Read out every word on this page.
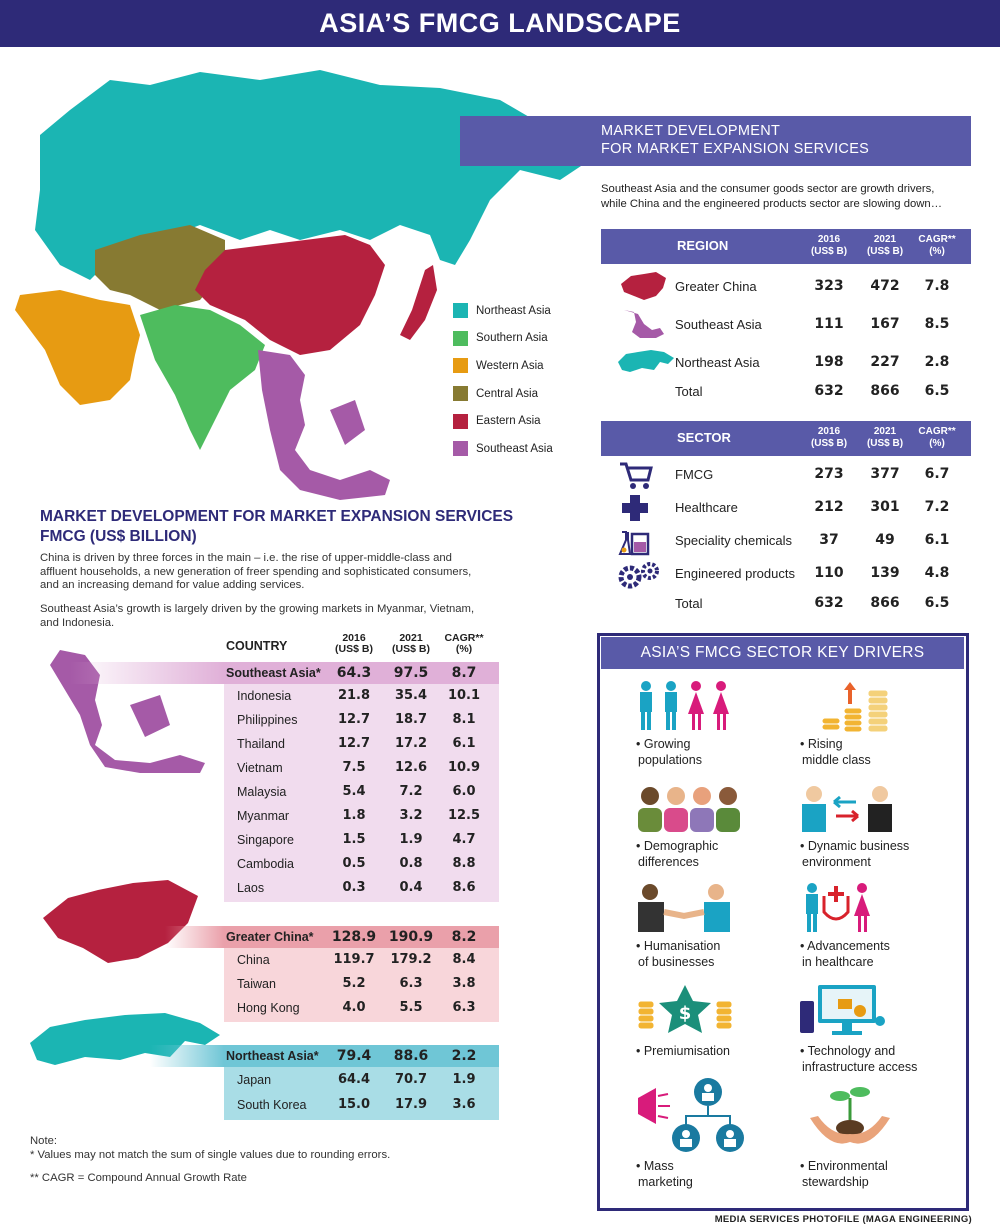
ASIA’S FMCG LANDSCAPE
Northeast Asia
Southern Asia
Western Asia
Central Asia
Eastern Asia
Southeast Asia
MARKET DEVELOPMENT
FOR MARKET EXPANSION SERVICES
Southeast Asia and the consumer goods sector are growth drivers,
while China and the engineered products sector are slowing down…
REGION	2016
(US$ B)
2021
(US$ B)
CAGR**
(%)
Greater China	323	472	7.8
Southeast Asia	111	167	8.5
Northeast Asia	198	227	2.8
Total	632	866	6.5
SECTOR	2016
(US$ B)
2021
(US$ B)
CAGR**
(%)
FMCG	273	377	6.7
Healthcare	212	301	7.2
Speciality chemicals	37	49	6.1
Engineered products	110	139	4.8
Total	632	866	6.5
MARKET DEVELOPMENT FOR MARKET EXPANSION SERVICES
FMCG (US$ BILLION)
China is driven by three forces in the main – i.e. the rise of upper-middle-class and
affluent households, a new generation of freer spending and sophisticated consumers,
and an increasing demand for value adding services.
Southeast Asia’s growth is largely driven by the growing markets in Myanmar, Vietnam,
and Indonesia.
COUNTRY
2016
(US$ B)
2021
(US$ B)
CAGR**
(%)
Southeast Asia*	64.3	97.5	8.7
Indonesia	21.8	35.4	10.1
Philippines	12.7	18.7	8.1
Thailand	12.7	17.2	6.1
Vietnam	7.5	12.6	10.9
Malaysia	5.4	7.2	6.0
Myanmar	1.8	3.2	12.5
Singapore	1.5	1.9	4.7
Cambodia	0.5	0.8	8.8
Laos	0.3	0.4	8.6
Greater China* 128.9 190.9	8.2
China	119.7	179.2	8.4
Taiwan	5.2	6.3	3.8
Hong Kong	4.0	5.5	6.3
Northeast Asia*	79.4	88.6	2.2
Japan	64.4	70.7	1.9
South Korea	15.0	17.9	3.6
Note:
* Values may not match the sum of single values due to rounding errors.
** CAGR = Compound Annual Growth Rate
ASIA’S FMCG SECTOR KEY DRIVERS
• Growing
populations
• Rising
middle class
• Demographic
differences
• Dynamic business
environment
• Humanisation
of businesses
• Advancements
in healthcare
$
• Premiumisation	• Technology and
infrastructure access
• Mass
marketing
• Environmental
stewardship
MEDIA SERVICES PHOTOFILE (MAGA ENGINEERING)
